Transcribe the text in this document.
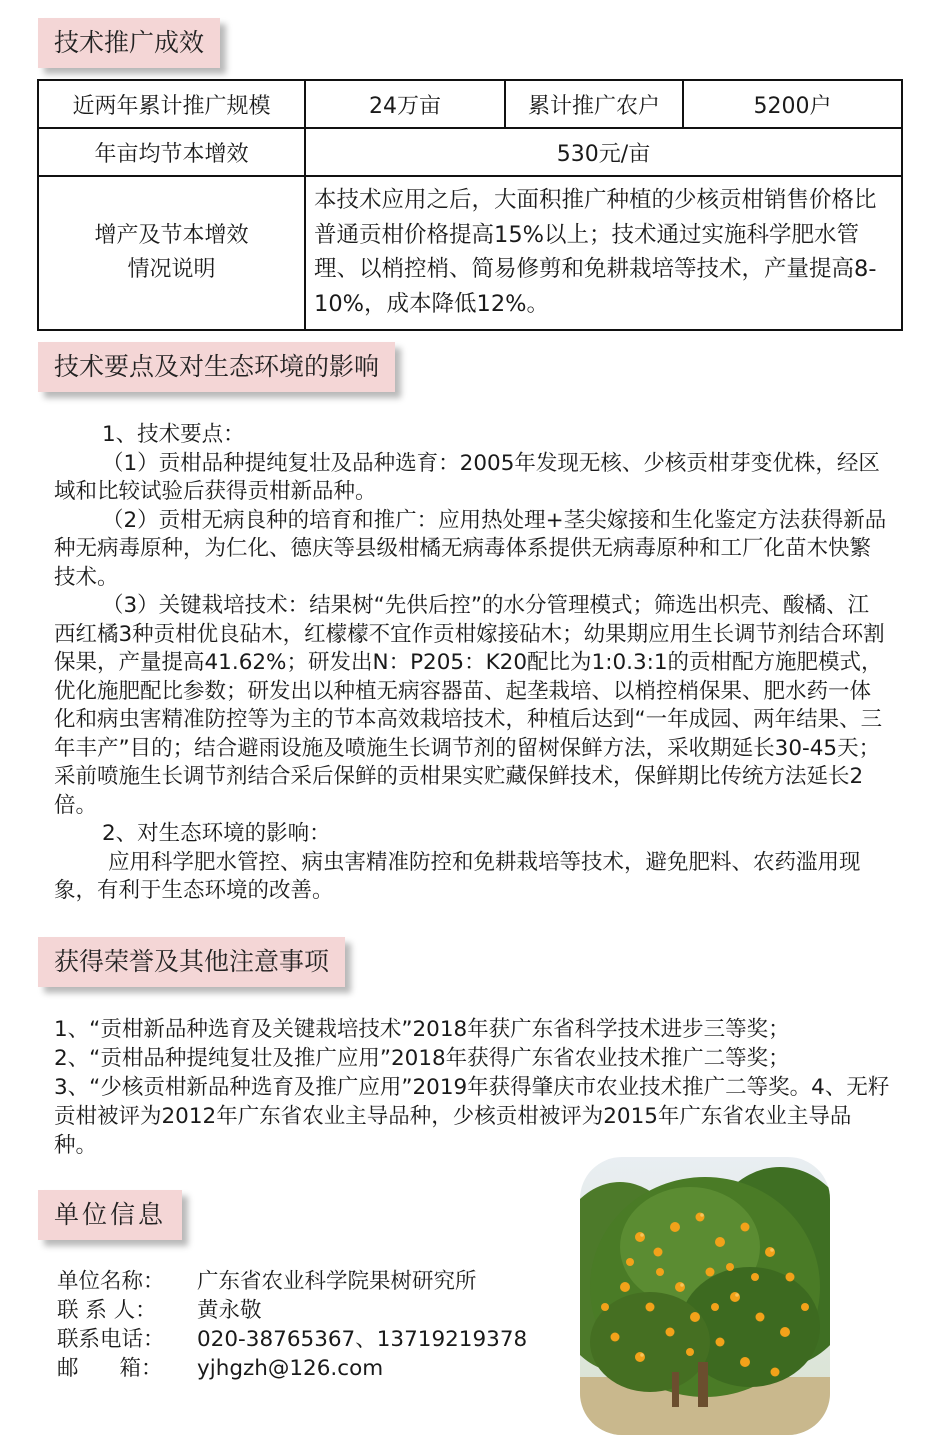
技术推广成效
近两年累计推广规模	24万亩	累计推广农户	5200户
年亩均节本增效	530元/亩		

增产及节本增效
情况说明	本技术应用之后，大面积推广种植的少核贡柑销售价格比普通贡柑价格提高15%以上；技术通过实施科学肥水管理、以梢控梢、简易修剪和免耕栽培等技术，产量提高8-10%，成本降低12%。		
技术要点及对生态环境的影响

1、技术要点：

（1）贡柑品种提纯复壮及品种选育：2005年发现无核、少核贡柑芽变优株，经区域和比较试验后获得贡柑新品种。

（2）贡柑无病良种的培育和推广：应用热处理+茎尖嫁接和生化鉴定方法获得新品种无病毒原种，为仁化、德庆等县级柑橘无病毒体系提供无病毒原种和工厂化苗木快繁技术。

（3）关键栽培技术：结果树“先供后控”的水分管理模式；筛选出枳壳、酸橘、江西红橘3种贡柑优良砧木，红檬檬不宜作贡柑嫁接砧木；幼果期应用生长调节剂结合环割保果，产量提高41.62%；研发出N：P205：K20配比为1:0.3:1的贡柑配方施肥模式，优化施肥配比参数；研发出以种植无病容器苗、起垄栽培、以梢控梢保果、肥水药一体化和病虫害精准防控等为主的节本高效栽培技术，种植后达到“一年成园、两年结果、三年丰产”目的；结合避雨设施及喷施生长调节剂的留树保鲜方法，采收期延长30-45天；采前喷施生长调节剂结合采后保鲜的贡柑果实贮藏保鲜技术，保鲜期比传统方法延长2倍。

2、对生态环境的影响：

应用科学肥水管控、病虫害精准防控和免耕栽培等技术，避免肥料、农药滥用现象，有利于生态环境的改善。

获得荣誉及其他注意事项

1、“贡柑新品种选育及关键栽培技术”2018年获广东省科学技术进步三等奖；

2、“贡柑品种提纯复壮及推广应用”2018年获得广东省农业技术推广二等奖；

3、“少核贡柑新品种选育及推广应用”2019年获得肇庆市农业技术推广二等奖。4、无籽贡柑被评为2012年广东省农业主导品种，少核贡柑被评为2015年广东省农业主导品种。

单位信息
单位名称： 广东省农业科学院果树研究所
联 系 人： 黄永敬
联系电话： 020-38765367、13719219378
邮      箱： yjhgzh@126.com
